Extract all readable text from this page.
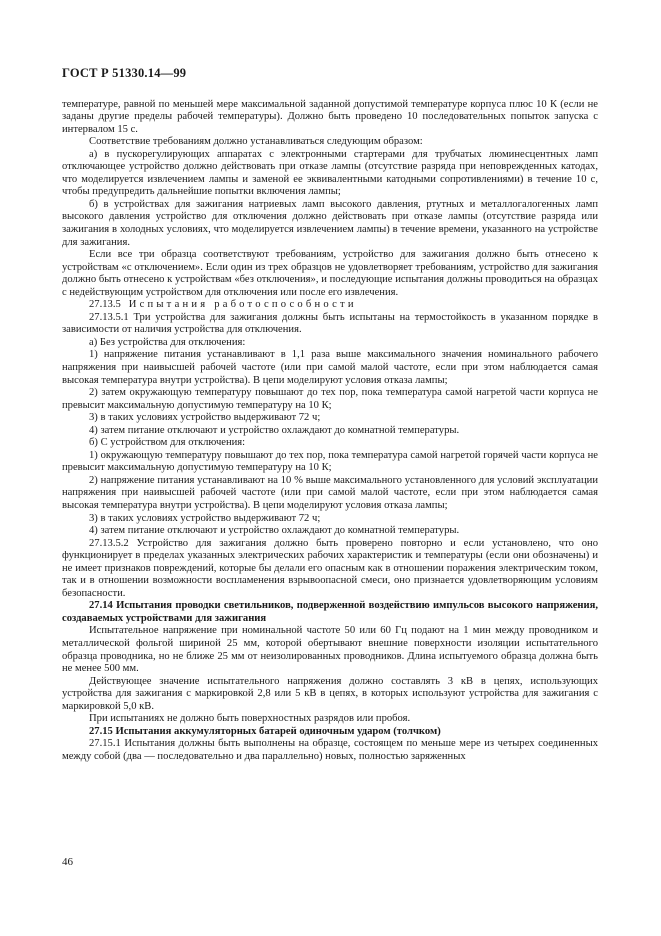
ГОСТ Р 51330.14—99

температуре, равной по меньшей мере максимальной заданной допустимой температуре корпуса плюс 10 К (если не заданы другие пределы рабочей температуры). Должно быть проведено 10 последовательных попыток запуска с интервалом 15 с.

Соответствие требованиям должно устанавливаться следующим образом:

а) в пускорегулирующих аппаратах с электронными стартерами для трубчатых люминесцентных ламп отключающее устройство должно действовать при отказе лампы (отсутствие разряда при неповрежденных катодах, что моделируется извлечением лампы и заменой ее эквивалентными катодными сопротивлениями) в течение 10 с, чтобы предупредить дальнейшие попытки включения лампы;

б) в устройствах для зажигания натриевых ламп высокого давления, ртутных и металлогалогенных ламп высокого давления устройство для отключения должно действовать при отказе лампы (отсутствие разряда или зажигания в холодных условиях, что моделируется извлечением лампы) в течение времени, указанного на устройстве для зажигания.

Если все три образца соответствуют требованиям, устройство для зажигания должно быть отнесено к устройствам «с отключением». Если один из трех образцов не удовлетворяет требованиям, устройство для зажигания должно быть отнесено к устройствам «без отключения», и последующие испытания должны проводиться на образцах с недействующим устройством для отключения или после его извлечения.

27.13.5 Испытания работоспособности

27.13.5.1 Три устройства для зажигания должны быть испытаны на термостойкость в указанном порядке в зависимости от наличия устройства для отключения.

а) Без устройства для отключения:

1) напряжение питания устанавливают в 1,1 раза выше максимального значения номинального рабочего напряжения при наивысшей рабочей частоте (или при самой малой частоте, если при этом наблюдается самая высокая температура внутри устройства). В цепи моделируют условия отказа лампы;

2) затем окружающую температуру повышают до тех пор, пока температура самой нагретой части корпуса не превысит максимальную допустимую температуру на 10 К;

3) в таких условиях устройство выдерживают 72 ч;

4) затем питание отключают и устройство охлаждают до комнатной температуры.

б) С устройством для отключения:

1) окружающую температуру повышают до тех пор, пока температура самой нагретой горячей части корпуса не превысит максимальную допустимую температуру на 10 К;

2) напряжение питания устанавливают на 10 % выше максимального установленного для условий эксплуатации напряжения при наивысшей рабочей частоте (или при самой малой частоте, если при этом наблюдается самая высокая температура внутри устройства). В цепи моделируют условия отказа лампы;

3) в таких условиях устройство выдерживают 72 ч;

4) затем питание отключают и устройство охлаждают до комнатной температуры.

27.13.5.2 Устройство для зажигания должно быть проверено повторно и если установлено, что оно функционирует в пределах указанных электрических рабочих характеристик и температуры (если они обозначены) и не имеет признаков повреждений, которые бы делали его опасным как в отношении поражения электрическим током, так и в отношении возможности воспламенения взрывоопасной смеси, оно признается удовлетворяющим условиям безопасности.

27.14 Испытания проводки светильников, подверженной воздействию импульсов высокого напряжения, создаваемых устройствами для зажигания

Испытательное напряжение при номинальной частоте 50 или 60 Гц подают на 1 мин между проводником и металлической фольгой шириной 25 мм, которой обертывают внешние поверхности изоляции испытательного образца проводника, но не ближе 25 мм от неизолированных проводников. Длина испытуемого образца должна быть не менее 500 мм.

Действующее значение испытательного напряжения должно составлять 3 кВ в цепях, использующих устройства для зажигания с маркировкой 2,8 или 5 кВ в цепях, в которых используют устройства для зажигания с маркировкой 5,0 кВ.

При испытаниях не должно быть поверхностных разрядов или пробоя.

27.15 Испытания аккумуляторных батарей одиночным ударом (толчком)

27.15.1 Испытания должны быть выполнены на образце, состоящем по меньше мере из четырех соединенных между собой (два — последовательно и два параллельно) новых, полностью заряженных

46
